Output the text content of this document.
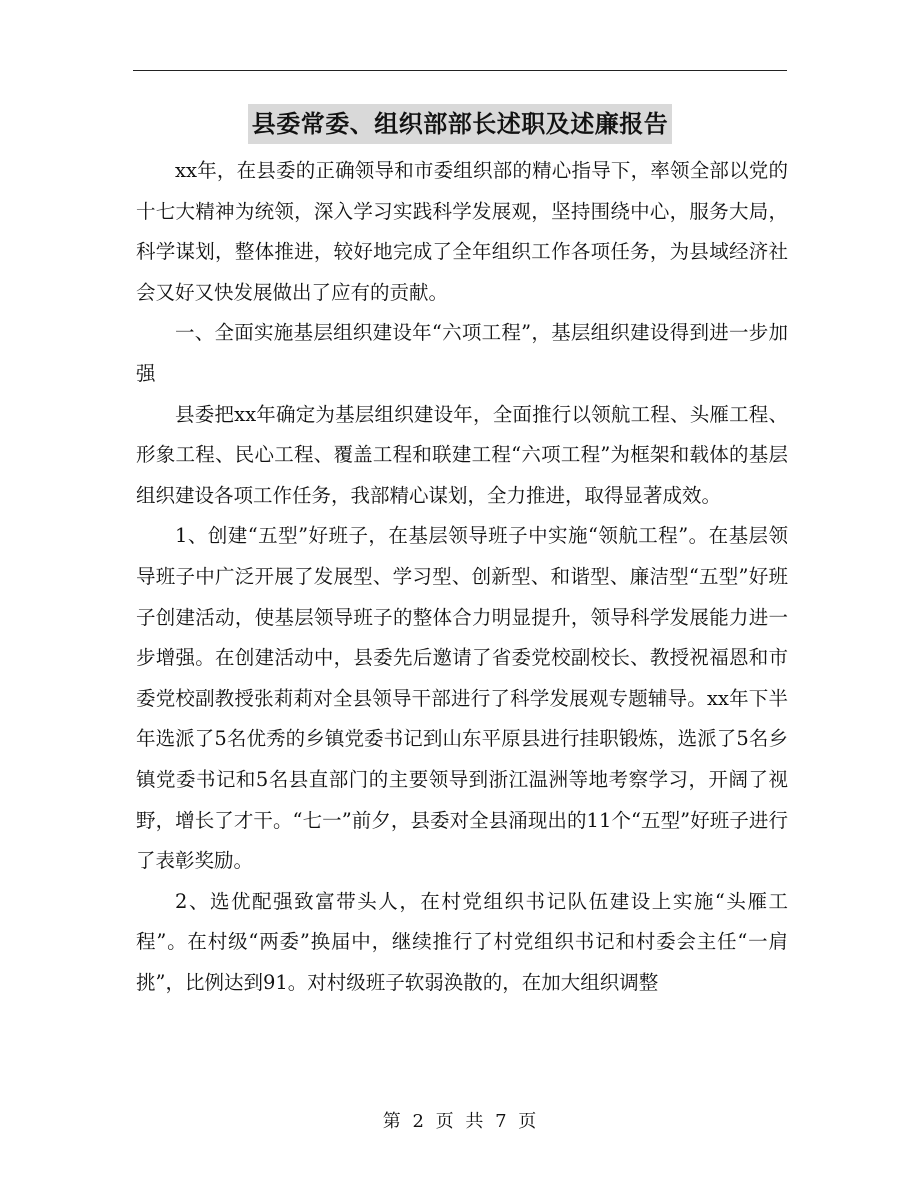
县委常委、组织部部长述职及述廉报告

xx年，在县委的正确领导和市委组织部的精心指导下，率领全部以党的十七大精神为统领，深入学习实践科学发展观，坚持围绕中心，服务大局，科学谋划，整体推进，较好地完成了全年组织工作各项任务，为县域经济社会又好又快发展做出了应有的贡献。

一、全面实施基层组织建设年“六项工程”，基层组织建设得到进一步加强

县委把xx年确定为基层组织建设年，全面推行以领航工程、头雁工程、形象工程、民心工程、覆盖工程和联建工程“六项工程”为框架和载体的基层组织建设各项工作任务，我部精心谋划，全力推进，取得显著成效。

1、创建“五型”好班子，在基层领导班子中实施“领航工程”。在基层领导班子中广泛开展了发展型、学习型、创新型、和谐型、廉洁型“五型”好班子创建活动，使基层领导班子的整体合力明显提升，领导科学发展能力进一步增强。在创建活动中，县委先后邀请了省委党校副校长、教授祝福恩和市委党校副教授张莉莉对全县领导干部进行了科学发展观专题辅导。xx年下半年选派了5名优秀的乡镇党委书记到山东平原县进行挂职锻炼，选派了5名乡镇党委书记和5名县直部门的主要领导到浙江温洲等地考察学习，开阔了视野，增长了才干。“七一”前夕，县委对全县涌现出的11个“五型”好班子进行了表彰奖励。

2、选优配强致富带头人，在村党组织书记队伍建设上实施“头雁工程”。在村级“两委”换届中，继续推行了村党组织书记和村委会主任“一肩挑”，比例达到91。对村级班子软弱涣散的，在加大组织调整

第 2 页 共 7 页
